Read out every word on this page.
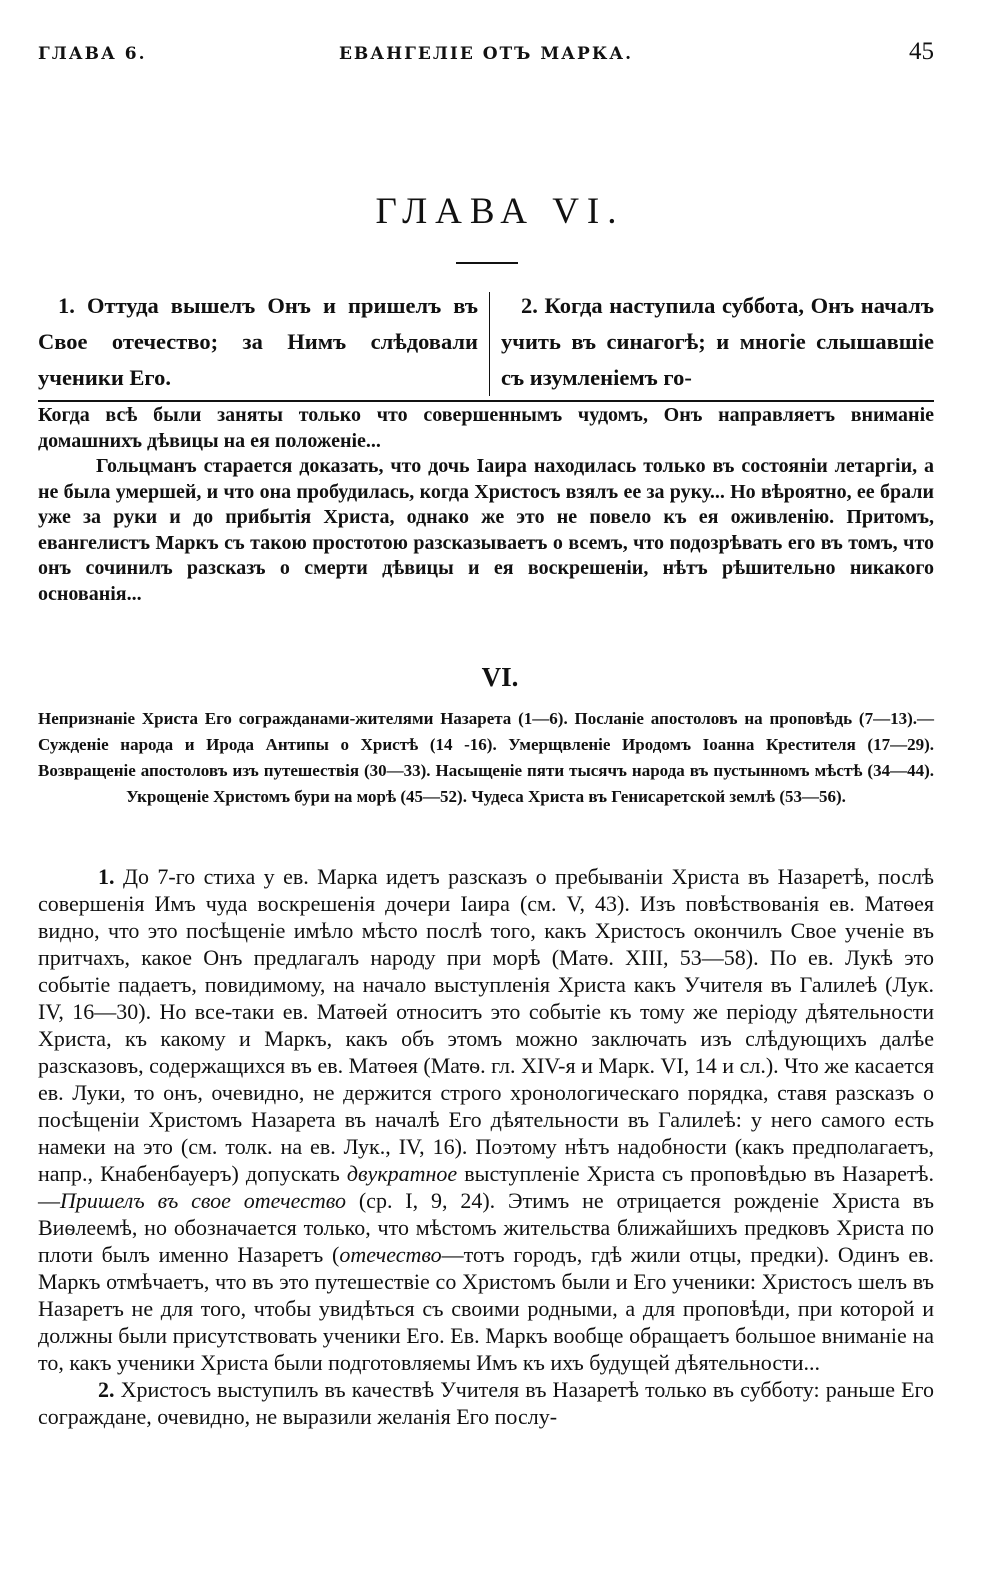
ГЛАВА 6.	ЕВАНГЕЛІЕ ОТЪ МАРКА.	45
ГЛАВА VI.
1. Оттуда вышелъ Онъ и пришелъ въ Свое отечество; за Нимъ слѣдовали ученики Его.
2. Когда наступила суббота, Онъ началъ учить въ синагогѣ; и многіе слышавшіе съ изумленіемъ го-

Когда всѣ были заняты только что совершеннымъ чудомъ, Онъ направляетъ вниманіе домашнихъ дѣвицы на ея положеніе...

Гольцманъ старается доказать, что дочь Іаира находилась только въ состояніи летаргіи, а не была умершей, и что она пробудилась, когда Христосъ взялъ ее за руку... Но вѣроятно, ее брали уже за руки и до прибытія Христа, однако же это не повело къ ея оживленію. Притомъ, евангелистъ Маркъ съ такою простотою разсказываетъ о всемъ, что подозрѣвать его въ томъ, что онъ сочинилъ разсказъ о смерти дѣвицы и ея воскрешеніи, нѣтъ рѣшительно никакого основанія...

VI.
Непризнаніе Христа Его согражданами-жителями Назарета (1—6). Посланіе апостоловъ на проповѣдь (7—13).—Сужденіе народа и Ирода Антипы о Христѣ (14 -16). Умерщвленіе Иродомъ Іоанна Крестителя (17—29). Возвращеніе апостоловъ изъ путешествія (30—33). Насыщеніе пяти тысячъ народа въ пустынномъ мѣстѣ (34—44). Укрощеніе Христомъ бури на морѣ (45—52). Чудеса Христа въ Генисаретской землѣ (53—56).

1. До 7-го стиха у ев. Марка идетъ разсказъ о пребываніи Христа въ Назаретѣ, послѣ совершенія Имъ чуда воскрешенія дочери Іаира (см. V, 43). Изъ повѣствованія ев. Матѳея видно, что это посѣщеніе имѣло мѣсто послѣ того, какъ Христосъ окончилъ Свое ученіе въ притчахъ, какое Онъ предлагалъ народу при морѣ (Матѳ. XIII, 53—58). По ев. Лукѣ это событіе падаетъ, повидимому, на начало выступленія Христа какъ Учителя въ Галилеѣ (Лук. IV, 16—30). Но все-таки ев. Матѳей относитъ это событіе къ тому же періоду дѣятельности Христа, къ какому и Маркъ, какъ объ этомъ можно заключать изъ слѣдующихъ далѣе разсказовъ, содержащихся въ ев. Матѳея (Матѳ. гл. XIV-я и Марк. VI, 14 и сл.). Что же касается ев. Луки, то онъ, очевидно, не держится строго хронологическаго порядка, ставя разсказъ о посѣщеніи Христомъ Назарета въ началѣ Его дѣятельности въ Галилеѣ: у него самого есть намеки на это (см. толк. на ев. Лук., IV, 16). Поэтому нѣтъ надобности (какъ предполагаетъ, напр., Кнабенбауеръ) допускать двукратное выступленіе Христа съ проповѣдью въ Назаретѣ.—Пришелъ въ свое отечество (ср. I, 9, 24). Этимъ не отрицается рожденіе Христа въ Виѳлеемѣ, но обозначается только, что мѣстомъ жительства ближайшихъ предковъ Христа по плоти былъ именно Назаретъ (отечество—тотъ городъ, гдѣ жили отцы, предки). Одинъ ев. Маркъ отмѣчаетъ, что въ это путешествіе со Христомъ были и Его ученики: Христосъ шелъ въ Назаретъ не для того, чтобы увидѣться съ своими родными, а для проповѣди, при которой и должны были присутствовать ученики Его. Ев. Маркъ вообще обращаетъ большое вниманіе на то, какъ ученики Христа были подготовляемы Имъ къ ихъ будущей дѣятельности...

2. Христосъ выступилъ въ качествѣ Учителя въ Назаретѣ только въ субботу: раньше Его сограждане, очевидно, не выразили желанія Его послу-
